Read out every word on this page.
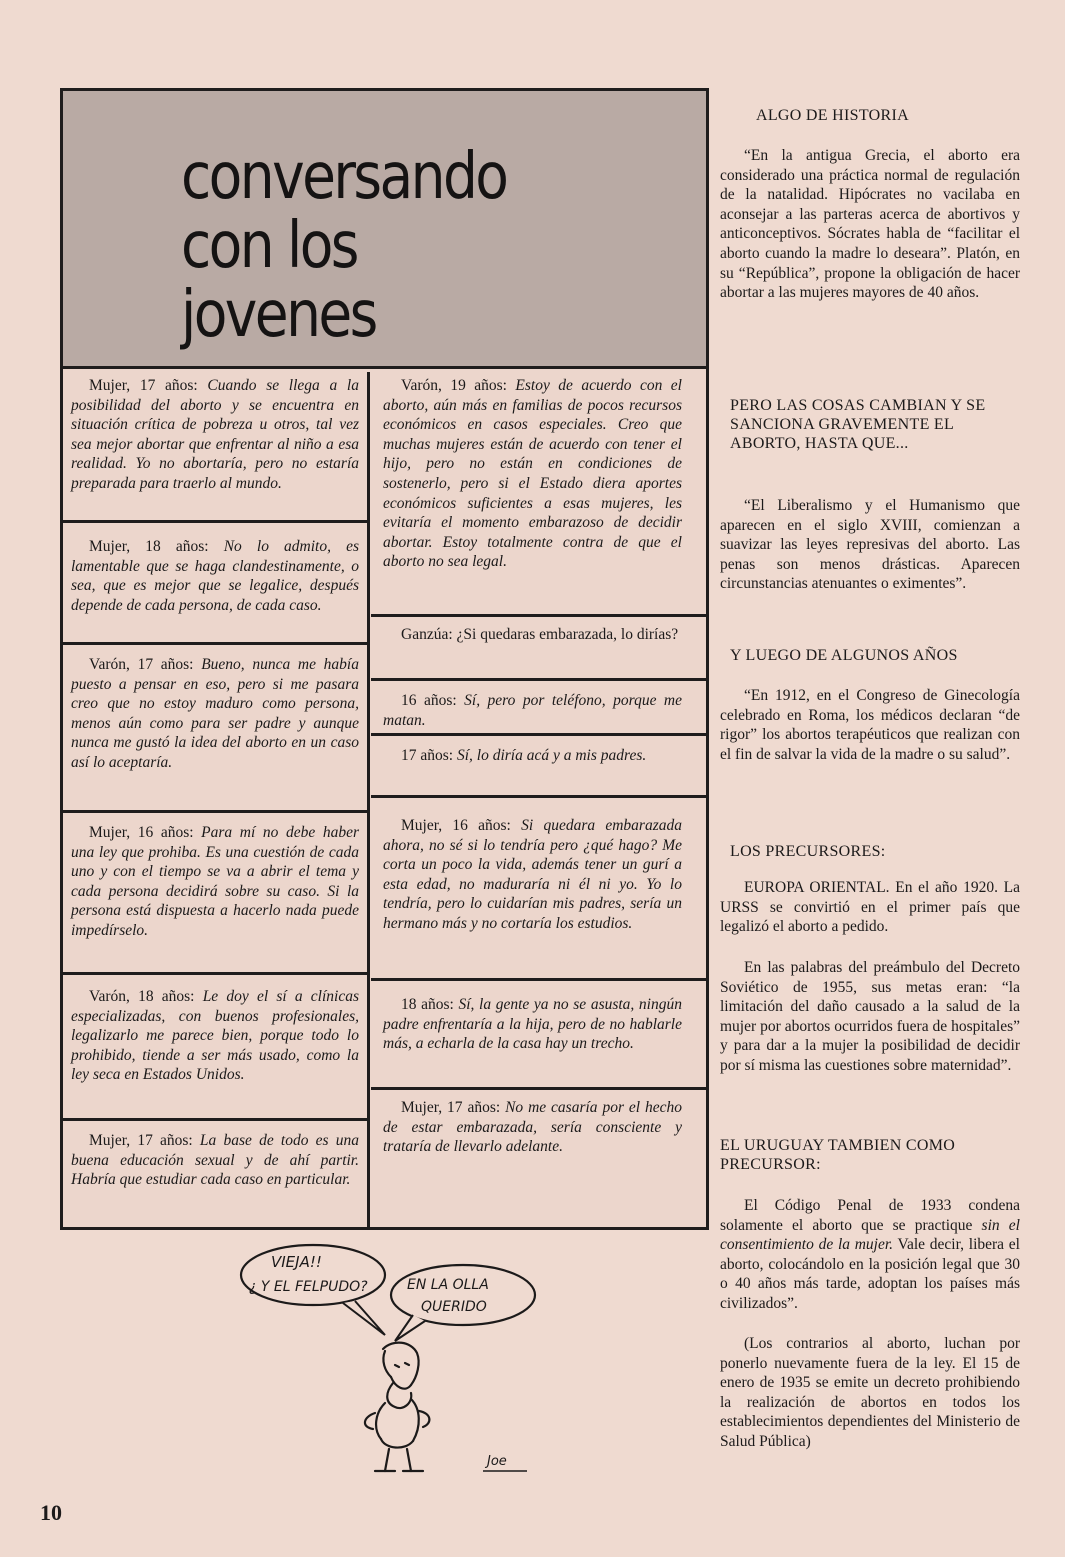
conversando
con los
jovenes
Mujer, 17 años: Cuando se llega a la posibilidad del aborto y se encuentra en situación crítica de pobreza u otros, tal vez sea mejor abortar que enfrentar al niño a esa realidad. Yo no abortaría, pero no estaría preparada para traerlo al mundo.
Mujer, 18 años: No lo admito, es lamentable que se haga clandestinamente, o sea, que es mejor que se legalice, después depende de cada persona, de cada caso.
Varón, 17 años: Bueno, nunca me había puesto a pensar en eso, pero si me pasara creo que no estoy maduro como persona, menos aún como para ser padre y aunque nunca me gustó la idea del aborto en un caso así lo aceptaría.
Mujer, 16 años: Para mí no debe haber una ley que prohiba. Es una cuestión de cada uno y con el tiempo se va a abrir el tema y cada persona decidirá sobre su caso. Si la persona está dispuesta a hacerlo nada puede impedírselo.
Varón, 18 años: Le doy el sí a clínicas especializadas, con buenos profesionales, legalizarlo me parece bien, porque todo lo prohibido, tiende a ser más usado, como la ley seca en Estados Unidos.
Mujer, 17 años: La base de todo es una buena educación sexual y de ahí partir. Habría que estudiar cada caso en particular.
Varón, 19 años: Estoy de acuerdo con el aborto, aún más en familias de pocos recursos económicos en casos especiales. Creo que muchas mujeres están de acuerdo con tener el hijo, pero no están en condiciones de sostenerlo, pero si el Estado diera aportes económicos suficientes a esas mujeres, les evitaría el momento embarazoso de decidir abortar. Estoy totalmente contra de que el aborto no sea legal.
Ganzúa: ¿Si quedaras embarazada, lo dirías?
16 años: Sí, pero por teléfono, porque me matan.
17 años: Sí, lo diría acá y a mis padres.
Mujer, 16 años: Si quedara embarazada ahora, no sé si lo tendría pero ¿qué hago? Me corta un poco la vida, además tener un gurí a esta edad, no maduraría ni él ni yo. Yo lo tendría, pero lo cuidarían mis padres, sería un hermano más y no cortaría los estudios.
18 años: Sí, la gente ya no se asusta, ningún padre enfrentaría a la hija, pero de no hablarle más, a echarla de la casa hay un trecho.
Mujer, 17 años: No me casaría por el hecho de estar embarazada, sería consciente y trataría de llevarlo adelante.
VIEJA!!
¿ Y EL FELPUDO?	EN LA OLLA
QUERIDO
Joe
ALGO DE HISTORIA
“En la antigua Grecia, el aborto era considerado una práctica normal de regulación de la natalidad. Hipócrates no vacilaba en aconsejar a las parteras acerca de abortivos y anticonceptivos. Sócrates habla de “facilitar el aborto cuando la madre lo deseara”. Platón, en su “República”, propone la obligación de hacer abortar a las mujeres mayores de 40 años.
PERO LAS COSAS CAMBIAN Y SE SANCIONA GRAVEMENTE EL ABORTO, HASTA QUE...
“El Liberalismo y el Humanismo que aparecen en el siglo XVIII, comienzan a suavizar las leyes represivas del aborto. Las penas son menos drásticas. Aparecen circunstancias atenuantes o eximentes”.
Y LUEGO DE ALGUNOS AÑOS
“En 1912, en el Congreso de Ginecología celebrado en Roma, los médicos declaran “de rigor” los abortos terapéuticos que realizan con el fin de salvar la vida de la madre o su salud”.
LOS PRECURSORES:
EUROPA ORIENTAL. En el año 1920. La URSS se convirtió en el primer país que legalizó el aborto a pedido.
En las palabras del preámbulo del Decreto Soviético de 1955, sus metas eran: “la limitación del daño causado a la salud de la mujer por abortos ocurridos fuera de hospitales” y para dar a la mujer la posibilidad de decidir por sí misma las cuestiones sobre maternidad”.
EL URUGUAY TAMBIEN COMO PRECURSOR:
El Código Penal de 1933 condena solamente el aborto que se practique sin el consentimiento de la mujer. Vale decir, libera el aborto, colocándolo en la posición legal que 30 o 40 años más tarde, adoptan los países más civilizados”.
(Los contrarios al aborto, luchan por ponerlo nuevamente fuera de la ley. El 15 de enero de 1935 se emite un decreto prohibiendo la realización de abortos en todos los establecimientos dependientes del Ministerio de Salud Pública)
10
